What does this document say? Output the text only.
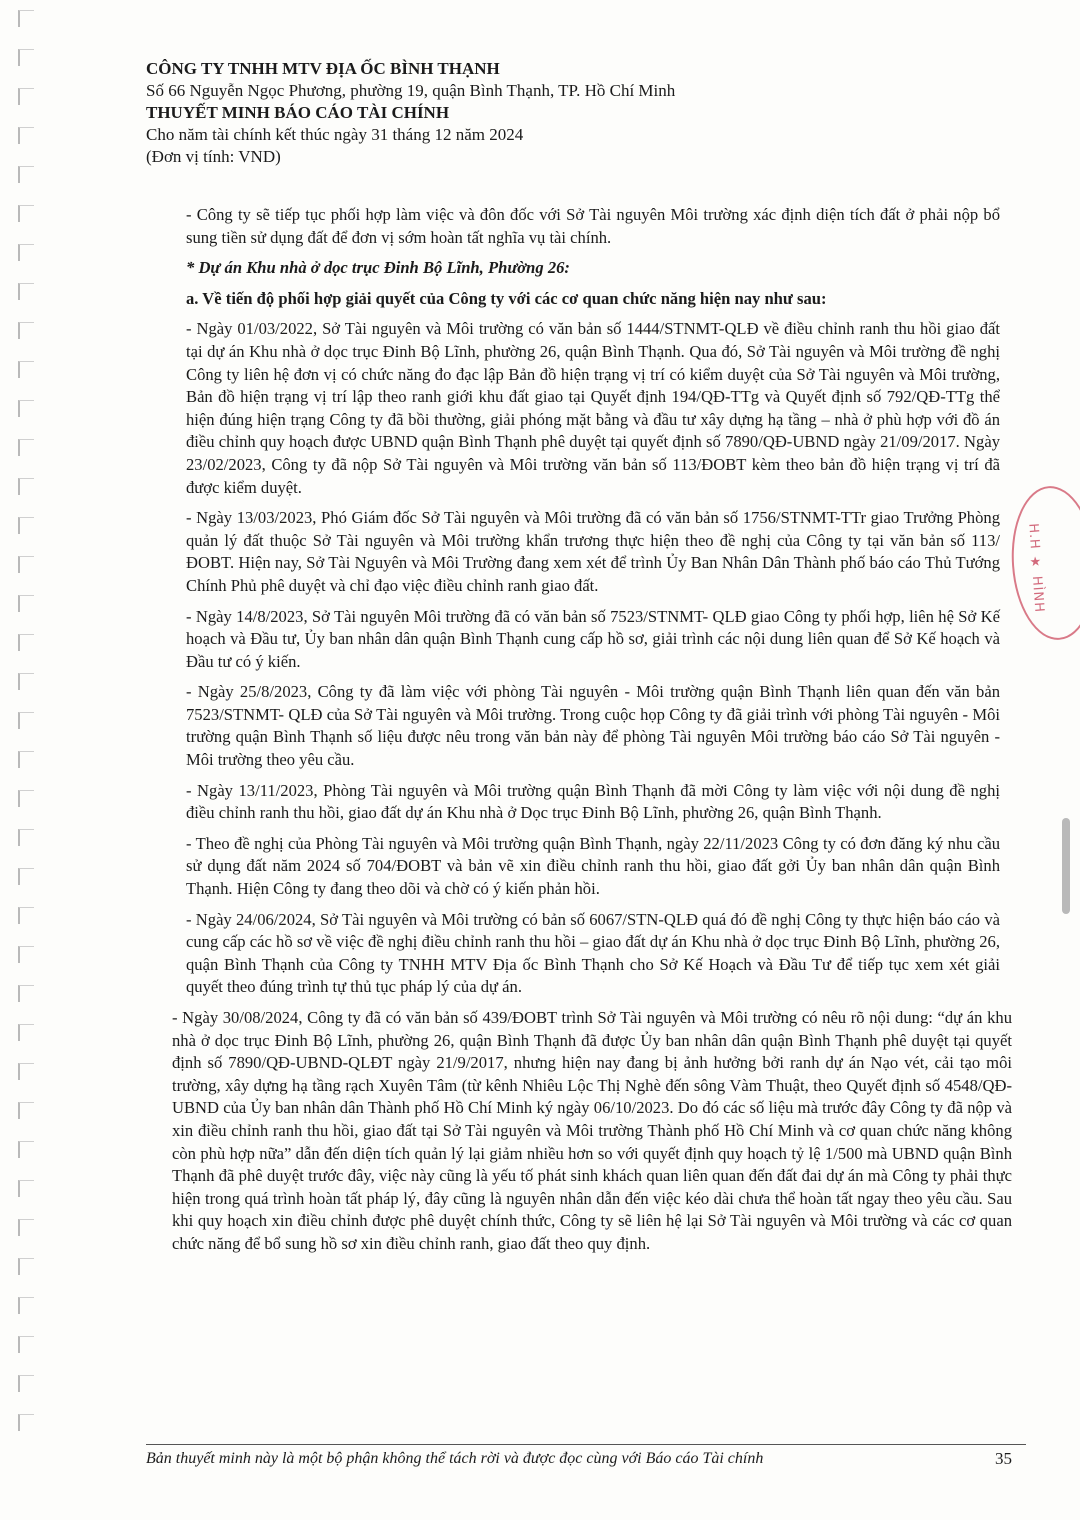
CÔNG TY TNHH MTV ĐỊA ỐC BÌNH THẠNH
Số 66 Nguyễn Ngọc Phương, phường 19, quận Bình Thạnh, TP. Hồ Chí Minh
THUYẾT MINH BÁO CÁO TÀI CHÍNH
Cho năm tài chính kết thúc ngày 31 tháng 12 năm 2024
(Đơn vị tính: VND)

- Công ty sẽ tiếp tục phối hợp làm việc và đôn đốc với Sở Tài nguyên Môi trường xác định diện tích đất ở phải nộp bổ sung tiền sử dụng đất để đơn vị sớm hoàn tất nghĩa vụ tài chính.

* Dự án Khu nhà ở dọc trục Đinh Bộ Lĩnh, Phường 26:

a. Về tiến độ phối hợp giải quyết của Công ty với các cơ quan chức năng hiện nay như sau:

- Ngày 01/03/2022, Sở Tài nguyên và Môi trường có văn bản số 1444/STNMT-QLĐ về điều chỉnh ranh thu hồi giao đất tại dự án Khu nhà ở dọc trục Đinh Bộ Lĩnh, phường 26, quận Bình Thạnh. Qua đó, Sở Tài nguyên và Môi trường đề nghị Công ty liên hệ đơn vị có chức năng đo đạc lập Bản đồ hiện trạng vị trí có kiểm duyệt của Sở Tài nguyên và Môi trường, Bản đồ hiện trạng vị trí lập theo ranh giới khu đất giao tại Quyết định 194/QĐ-TTg và Quyết định số 792/QĐ-TTg thể hiện đúng hiện trạng Công ty đã bồi thường, giải phóng mặt bằng và đầu tư xây dựng hạ tầng – nhà ở phù hợp với đồ án điều chỉnh quy hoạch được UBND quận Bình Thạnh phê duyệt tại quyết định số 7890/QĐ-UBND ngày 21/09/2017. Ngày 23/02/2023, Công ty đã nộp Sở Tài nguyên và Môi trường văn bản số 113/ĐOBT kèm theo bản đồ hiện trạng vị trí đã được kiểm duyệt.

- Ngày 13/03/2023, Phó Giám đốc Sở Tài nguyên và Môi trường đã có văn bản số 1756/STNMT-TTr giao Trưởng Phòng quản lý đất thuộc Sở Tài nguyên và Môi trường khẩn trương thực hiện theo đề nghị của Công ty tại văn bản số 113/ĐOBT. Hiện nay, Sở Tài Nguyên và Môi Trường đang xem xét để trình Ủy Ban Nhân Dân Thành phố báo cáo Thủ Tướng Chính Phủ phê duyệt và chỉ đạo việc điều chỉnh ranh giao đất.

- Ngày 14/8/2023, Sở Tài nguyên Môi trường đã có văn bản số 7523/STNMT- QLĐ giao Công ty phối hợp, liên hệ Sở Kế hoạch và Đầu tư, Ủy ban nhân dân quận Bình Thạnh cung cấp hồ sơ, giải trình các nội dung liên quan để Sở Kế hoạch và Đầu tư có ý kiến.

- Ngày 25/8/2023, Công ty đã làm việc với phòng Tài nguyên - Môi trường quận Bình Thạnh liên quan đến văn bản 7523/STNMT- QLĐ của Sở Tài nguyên và Môi trường. Trong cuộc họp Công ty đã giải trình với phòng Tài nguyên - Môi trường quận Bình Thạnh số liệu được nêu trong văn bản này để phòng Tài nguyên Môi trường báo cáo Sở Tài nguyên - Môi trường theo yêu cầu.

- Ngày 13/11/2023, Phòng Tài nguyên và Môi trường quận Bình Thạnh đã mời Công ty làm việc với nội dung đề nghị điều chỉnh ranh thu hồi, giao đất dự án Khu nhà ở Dọc trục Đinh Bộ Lĩnh, phường 26, quận Bình Thạnh.

- Theo đề nghị của Phòng Tài nguyên và Môi trường quận Bình Thạnh, ngày 22/11/2023 Công ty có đơn đăng ký nhu cầu sử dụng đất năm 2024 số 704/ĐOBT và bản vẽ xin điều chỉnh ranh thu hồi, giao đất gởi Ủy ban nhân dân quận Bình Thạnh. Hiện Công ty đang theo dõi và chờ có ý kiến phản hồi.

- Ngày 24/06/2024, Sở Tài nguyên và Môi trường có bản số 6067/STN-QLĐ quá đó đề nghị Công ty thực hiện báo cáo và cung cấp các hồ sơ về việc đề nghị điều chỉnh ranh thu hồi – giao đất dự án Khu nhà ở dọc trục Đinh Bộ Lĩnh, phường 26, quận Bình Thạnh của Công ty TNHH MTV Địa ốc Bình Thạnh cho Sở Kế Hoạch và Đầu Tư để tiếp tục xem xét giải quyết theo đúng trình tự thủ tục pháp lý của dự án.

- Ngày 30/08/2024, Công ty đã có văn bản số 439/ĐOBT trình Sở Tài nguyên và Môi trường có nêu rõ nội dung: “dự án khu nhà ở dọc trục Đinh Bộ Lĩnh, phường 26, quận Bình Thạnh đã được Ủy ban nhân dân quận Bình Thạnh phê duyệt tại quyết định số 7890/QĐ-UBND-QLĐT ngày 21/9/2017, nhưng hiện nay đang bị ảnh hưởng bởi ranh dự án Nạo vét, cải tạo môi trường, xây dựng hạ tầng rạch Xuyên Tâm (từ kênh Nhiêu Lộc Thị Nghè đến sông Vàm Thuật, theo Quyết định số 4548/QĐ-UBND của Ủy ban nhân dân Thành phố Hồ Chí Minh ký ngày 06/10/2023. Do đó các số liệu mà trước đây Công ty đã nộp và xin điều chỉnh ranh thu hồi, giao đất tại Sở Tài nguyên và Môi trường Thành phố Hồ Chí Minh và cơ quan chức năng không còn phù hợp nữa” dẫn đến diện tích quản lý lại giảm nhiều hơn so với quyết định quy hoạch tỷ lệ 1/500 mà UBND quận Bình Thạnh đã phê duyệt trước đây, việc này cũng là yếu tố phát sinh khách quan liên quan đến đất đai dự án mà Công ty phải thực hiện trong quá trình hoàn tất pháp lý, đây cũng là nguyên nhân dẫn đến việc kéo dài chưa thể hoàn tất ngay theo yêu cầu. Sau khi quy hoạch xin điều chỉnh được phê duyệt chính thức, Công ty sẽ liên hệ lại Sở Tài nguyên và Môi trường và các cơ quan chức năng để bổ sung hồ sơ xin điều chỉnh ranh, giao đất theo quy định.

H.H ★ HÌNH
Bản thuyết minh này là một bộ phận không thể tách rời và được đọc cùng với Báo cáo Tài chính	35
